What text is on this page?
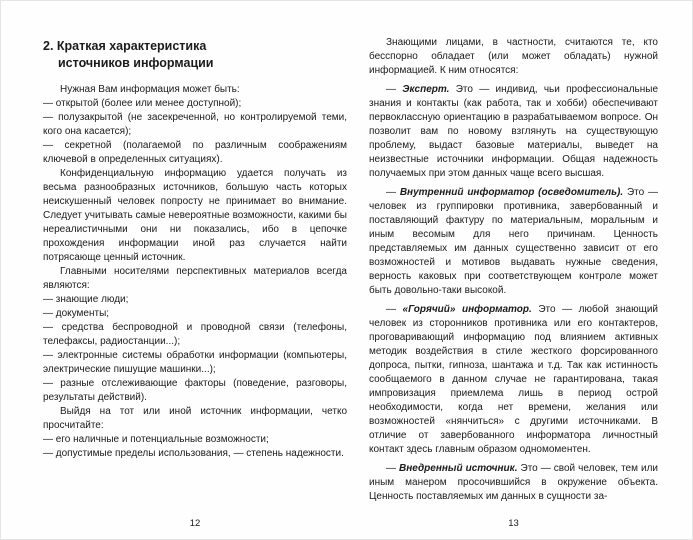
2. Краткая характеристика
источников информации

Нужная Вам информация может быть:

— открытой (более или менее доступной);

— полузакрытой (не засекреченной, но контролируемой теми, кого она касается);

— секретной (полагаемой по различным соображениям ключевой в определенных ситуациях).

Конфиденциальную информацию удается получать из весьма разнообразных источников, большую часть которых неискушенный человек попросту не принимает во внимание. Следует учитывать самые невероятные возможности, какими бы нереалистичными они ни показались, ибо в цепочке прохождения информации иной раз случается найти потрясающе ценный источник.

Главными носителями перспективных материалов всегда являются:

— знающие люди;

— документы;

— средства беспроводной и проводной связи (телефоны, телефаксы, радиостанции...);

— электронные системы обработки информации (компьютеры, электрические пишущие машинки...);

— разные отслеживающие факторы (поведение, разговоры, результаты действий).

Выйдя на тот или иной источник информации, четко просчитайте:

— его наличные и потенциальные возможности;

— допустимые пределы использования, — степень надежности.

Знающими лицами, в частности, считаются те, кто бесспорно обладает (или может обладать) нужной информацией. К ним относятся:

— Эксперт. Это — индивид, чьи профессиональные знания и контакты (как работа, так и хобби) обеспечивают первоклассную ориентацию в разрабатываемом вопросе. Он позволит вам по новому взглянуть на существующую проблему, выдаст базовые материалы, выведет на неизвестные источники информации. Общая надежность получаемых при этом данных чаще всего высшая.

— Внутренний информатор (осведомитель). Это — человек из группировки противника, завербованный и поставляющий фактуру по материальным, моральным и иным весомым для него причинам. Ценность представляемых им данных существенно зависит от его возможностей и мотивов выдавать нужные сведения, верность каковых при соответствующем контроле может быть довольно-таки высокой.

— «Горячий» информатор. Это — любой знающий человек из сторонников противника или его контактеров, проговаривающий информацию под влиянием активных методик воздействия в стиле жесткого форсированного допроса, пытки, гипноза, шантажа и т.д. Так как истинность сообщаемого в данном случае не гарантирована, такая импровизация приемлема лишь в период острой необходимости, когда нет времени, желания или возможностей «нянчиться» с другими источниками. В отличие от завербованного информатора личностный контакт здесь главным образом одномоментен.

— Внедренный источник. Это — свой человек, тем или иным манером просочившийся в окружение объекта. Ценность поставляемых им данных в сущности за-

12	13
